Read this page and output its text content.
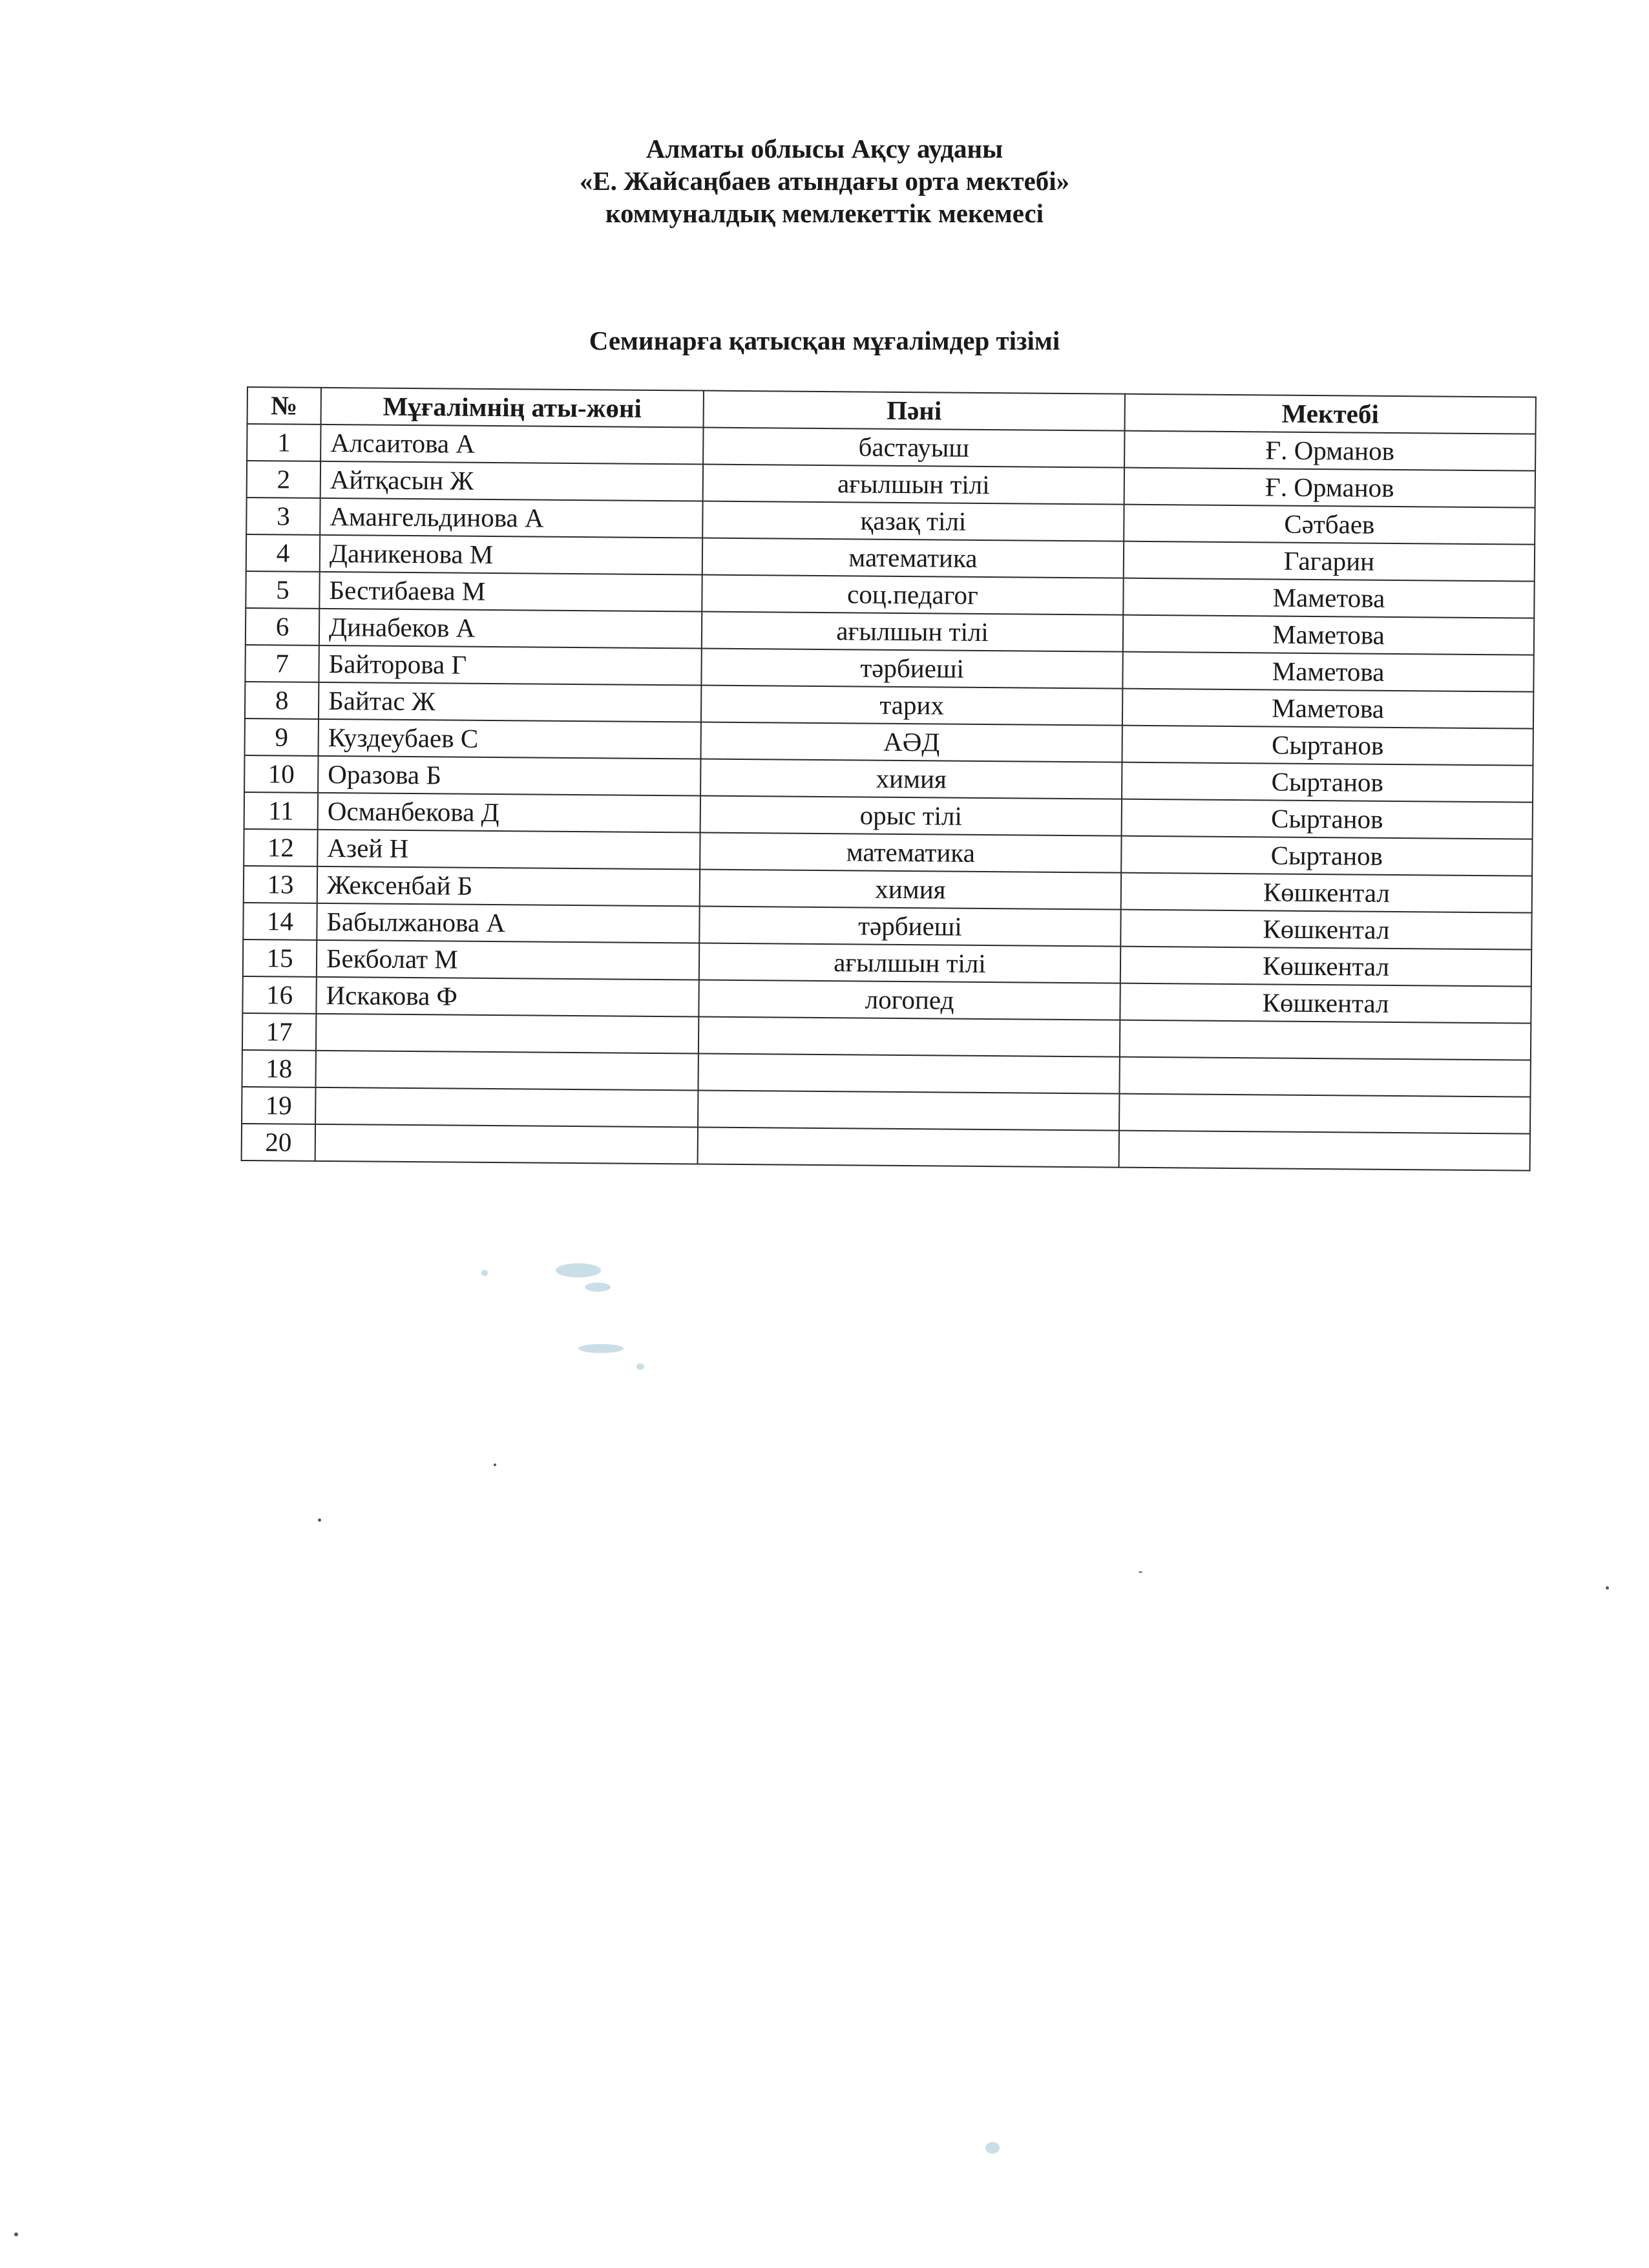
Алматы облысы Ақсу ауданы
«Е. Жайсаңбаев атындағы орта мектебі»
коммуналдық мемлекеттік мекемесі
Семинарға қатысқан мұғалімдер тізімі
№	Мұғалімнің аты-жөні	Пәні	Мектебі
1	Алсаитова А	бастауыш	Ғ. Орманов
2	Айтқасын Ж	ағылшын тілі	Ғ. Орманов
3	Амангельдинова А	қазақ тілі	Сәтбаев
4	Даникенова М	математика	Гагарин
5	Бестибаева М	соц.педагог	Маметова
6	Динабеков А	ағылшын тілі	Маметова
7	Байторова Г	тәрбиеші	Маметова
8	Байтас Ж	тарих	Маметова
9	Куздеубаев С	АӘД	Сыртанов
10	Оразова Б	химия	Сыртанов
11	Османбекова Д	орыс тілі	Сыртанов
12	Азей Н	математика	Сыртанов
13	Жексенбай Б	химия	Көшкентал
14	Бабылжанова А	тәрбиеші	Көшкентал
15	Бекболат М	ағылшын тілі	Көшкентал
16	Искакова Ф	логопед	Көшкентал
17			
18			
19			
20			
